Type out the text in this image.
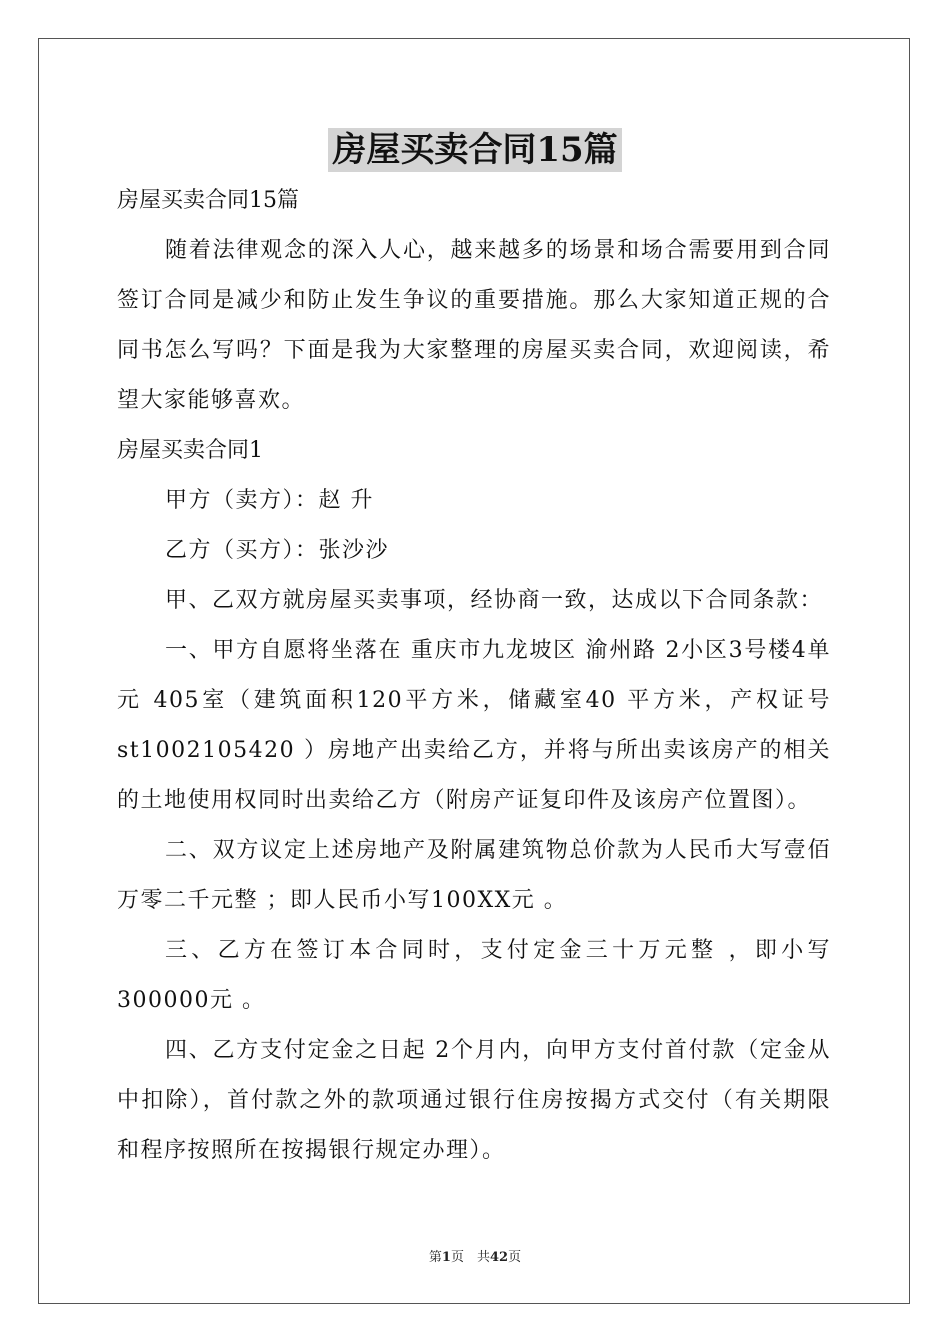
房屋买卖合同15篇

房屋买卖合同15篇

随着法律观念的深入人心，越来越多的场景和场合需要用到合同签订合同是减少和防止发生争议的重要措施。那么大家知道正规的合同书怎么写吗？下面是我为大家整理的房屋买卖合同，欢迎阅读，希望大家能够喜欢。

房屋买卖合同1

甲方（卖方）：赵 升

乙方（买方）：张沙沙

甲、乙双方就房屋买卖事项，经协商一致，达成以下合同条款：

一、甲方自愿将坐落在 重庆市九龙坡区 渝州路 2小区3号楼4单元 405室（建筑面积120平方米，储藏室40 平方米，产权证号st1002105420 ）房地产出卖给乙方，并将与所出卖该房产的相关的土地使用权同时出卖给乙方（附房产证复印件及该房产位置图）。

二、双方议定上述房地产及附属建筑物总价款为人民币大写壹佰万零二千元整 ；即人民币小写100XX元 。

三、乙方在签订本合同时，支付定金三十万元整 ，即小写300000元 。

四、乙方支付定金之日起 2个月内，向甲方支付首付款（定金从中扣除），首付款之外的款项通过银行住房按揭方式交付（有关期限和程序按照所在按揭银行规定办理）。

第1页　共42页
